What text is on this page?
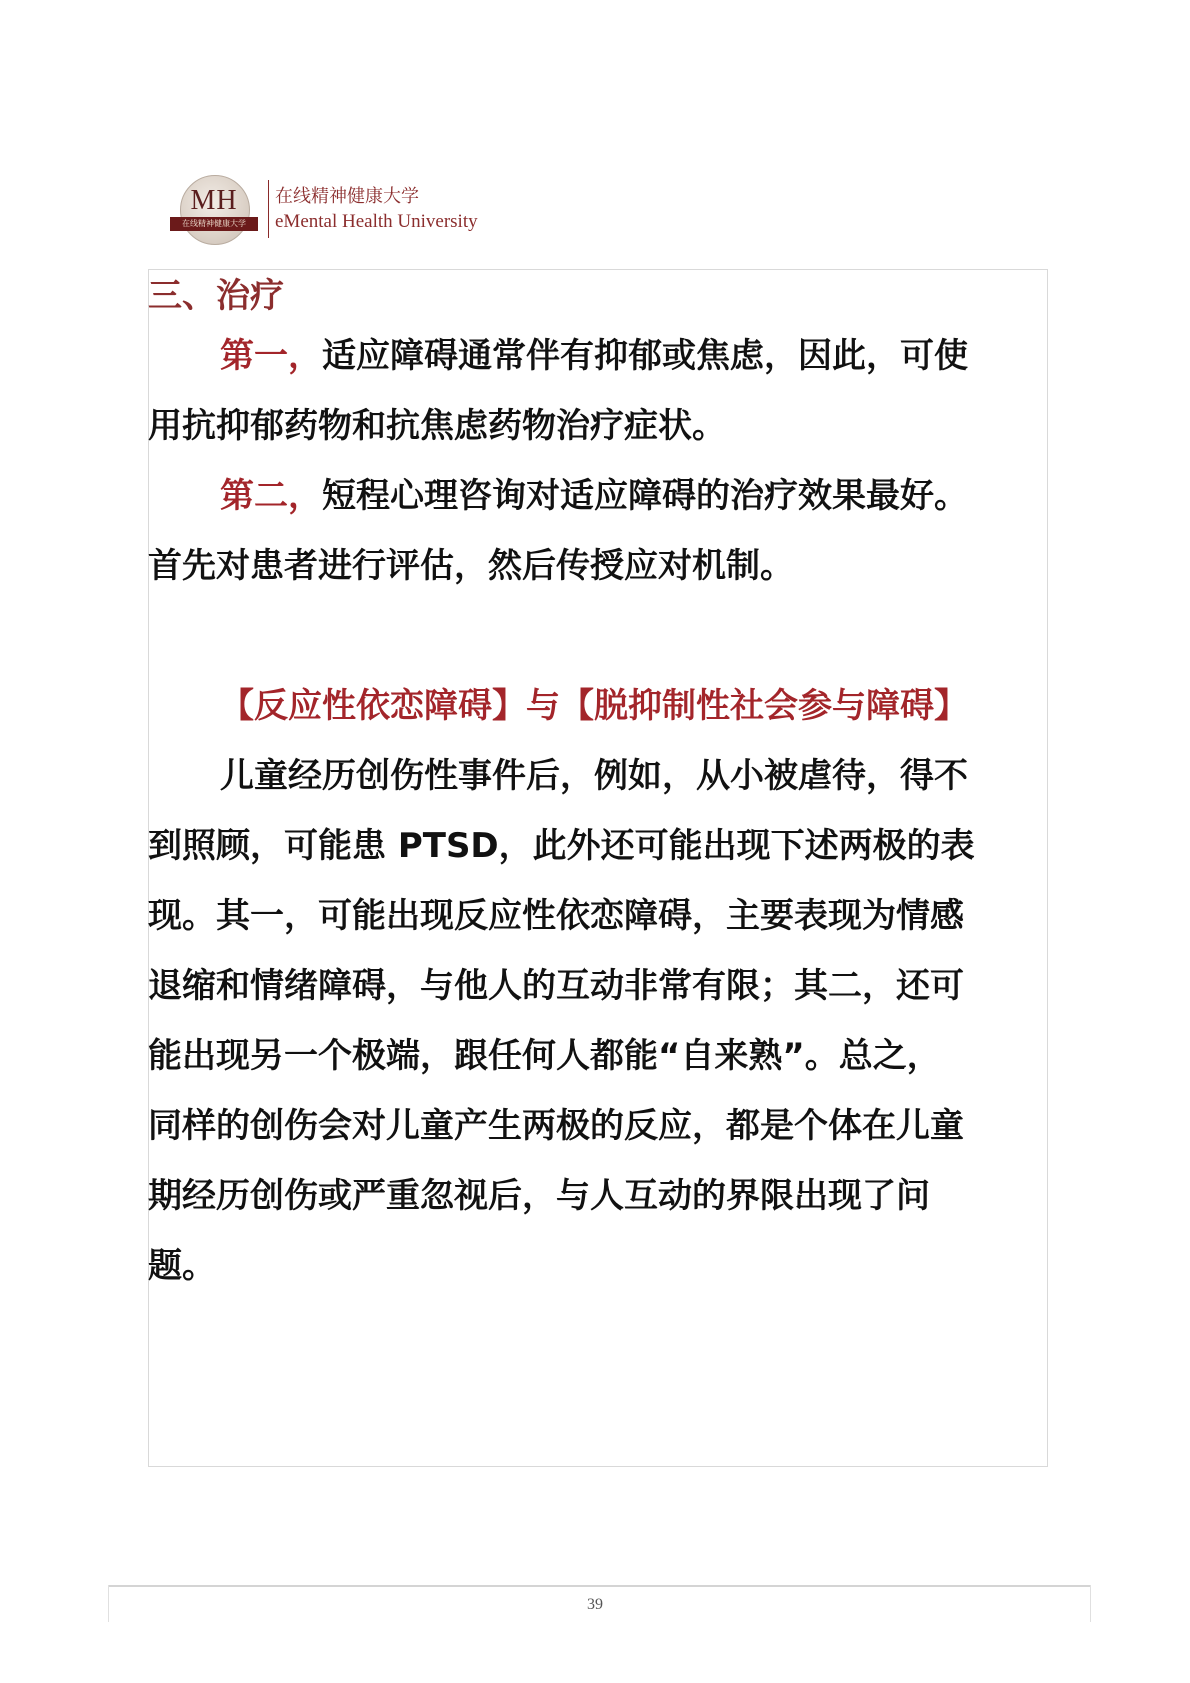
MH
在线精神健康大学
在线精神健康大学
eMental Health University
三、治疗

第一，适应障碍通常伴有抑郁或焦虑，因此，可使

用抗抑郁药物和抗焦虑药物治疗症状。

第二，短程心理咨询对适应障碍的治疗效果最好。

首先对患者进行评估，然后传授应对机制。

【反应性依恋障碍】与【脱抑制性社会参与障碍】

儿童经历创伤性事件后，例如，从小被虐待，得不

到照顾，可能患 PTSD，此外还可能出现下述两极的表

现。其一，可能出现反应性依恋障碍，主要表现为情感

退缩和情绪障碍，与他人的互动非常有限；其二，还可

能出现另一个极端，跟任何人都能“自来熟”。总之，

同样的创伤会对儿童产生两极的反应，都是个体在儿童

期经历创伤或严重忽视后，与人互动的界限出现了问

题。

39
